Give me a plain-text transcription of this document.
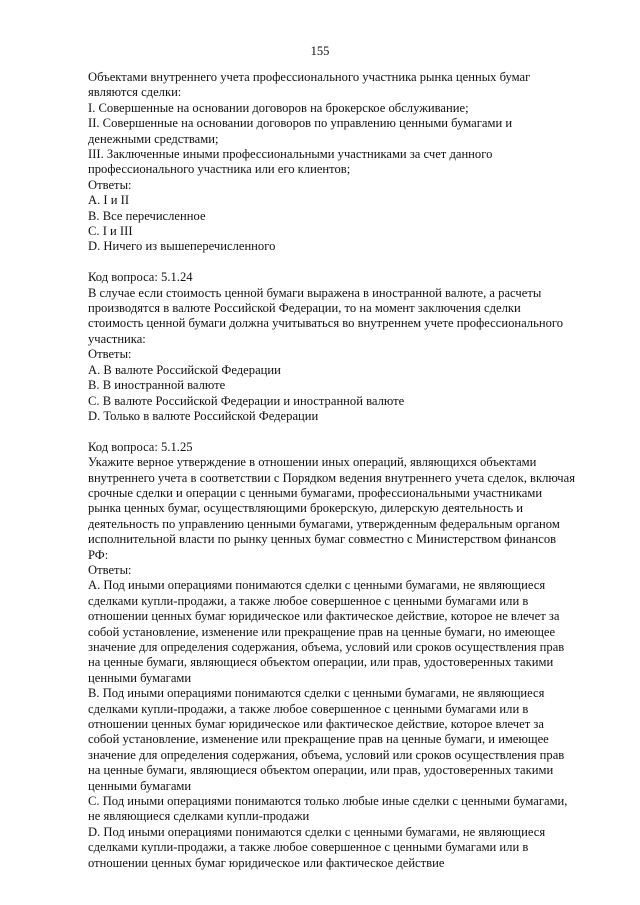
155
Объектами внутреннего учета профессионального участника рынка ценных бумаг
являются сделки:
I. Совершенные на основании договоров на брокерское обслуживание;
II. Совершенные на основании договоров по управлению ценными бумагами и
денежными средствами;
III. Заключенные иными профессиональными участниками за счет данного
профессионального участника или его клиентов;
Ответы:
A. I и II
B. Все перечисленное
C. I и III
D. Ничего из вышеперечисленного
Код вопроса: 5.1.24
В случае если стоимость ценной бумаги выражена в иностранной валюте, а расчеты
производятся в валюте Российской Федерации, то на момент заключения сделки
стоимость ценной бумаги должна учитываться во внутреннем учете профессионального
участника:
Ответы:
A. В валюте Российской Федерации
B. В иностранной валюте
C. В валюте Российской Федерации и иностранной валюте
D. Только в валюте Российской Федерации
Код вопроса: 5.1.25
Укажите верное утверждение в отношении иных операций, являющихся объектами
внутреннего учета в соответствии с Порядком ведения внутреннего учета сделок, включая
срочные сделки и операции с ценными бумагами, профессиональными участниками
рынка ценных бумаг, осуществляющими брокерскую, дилерскую деятельность и
деятельность по управлению ценными бумагами, утвержденным федеральным органом
исполнительной власти по рынку ценных бумаг совместно с Министерством финансов
РФ:
Ответы:
A. Под иными операциями понимаются сделки с ценными бумагами, не являющиеся
сделками купли-продажи, а также любое совершенное с ценными бумагами или в
отношении ценных бумаг юридическое или фактическое действие, которое не влечет за
собой установление, изменение или прекращение прав на ценные бумаги, но имеющее
значение для определения содержания, объема, условий или сроков осуществления прав
на ценные бумаги, являющиеся объектом операции, или прав, удостоверенных такими
ценными бумагами
B. Под иными операциями понимаются сделки с ценными бумагами, не являющиеся
сделками купли-продажи, а также любое совершенное с ценными бумагами или в
отношении ценных бумаг юридическое или фактическое действие, которое влечет за
собой установление, изменение или прекращение прав на ценные бумаги, и имеющее
значение для определения содержания, объема, условий или сроков осуществления прав
на ценные бумаги, являющиеся объектом операции, или прав, удостоверенных такими
ценными бумагами
C. Под иными операциями понимаются только любые иные сделки с ценными бумагами,
не являющиеся сделками купли-продажи
D. Под иными операциями понимаются сделки с ценными бумагами, не являющиеся
сделками купли-продажи, а также любое совершенное с ценными бумагами или в
отношении ценных бумаг юридическое или фактическое действие
